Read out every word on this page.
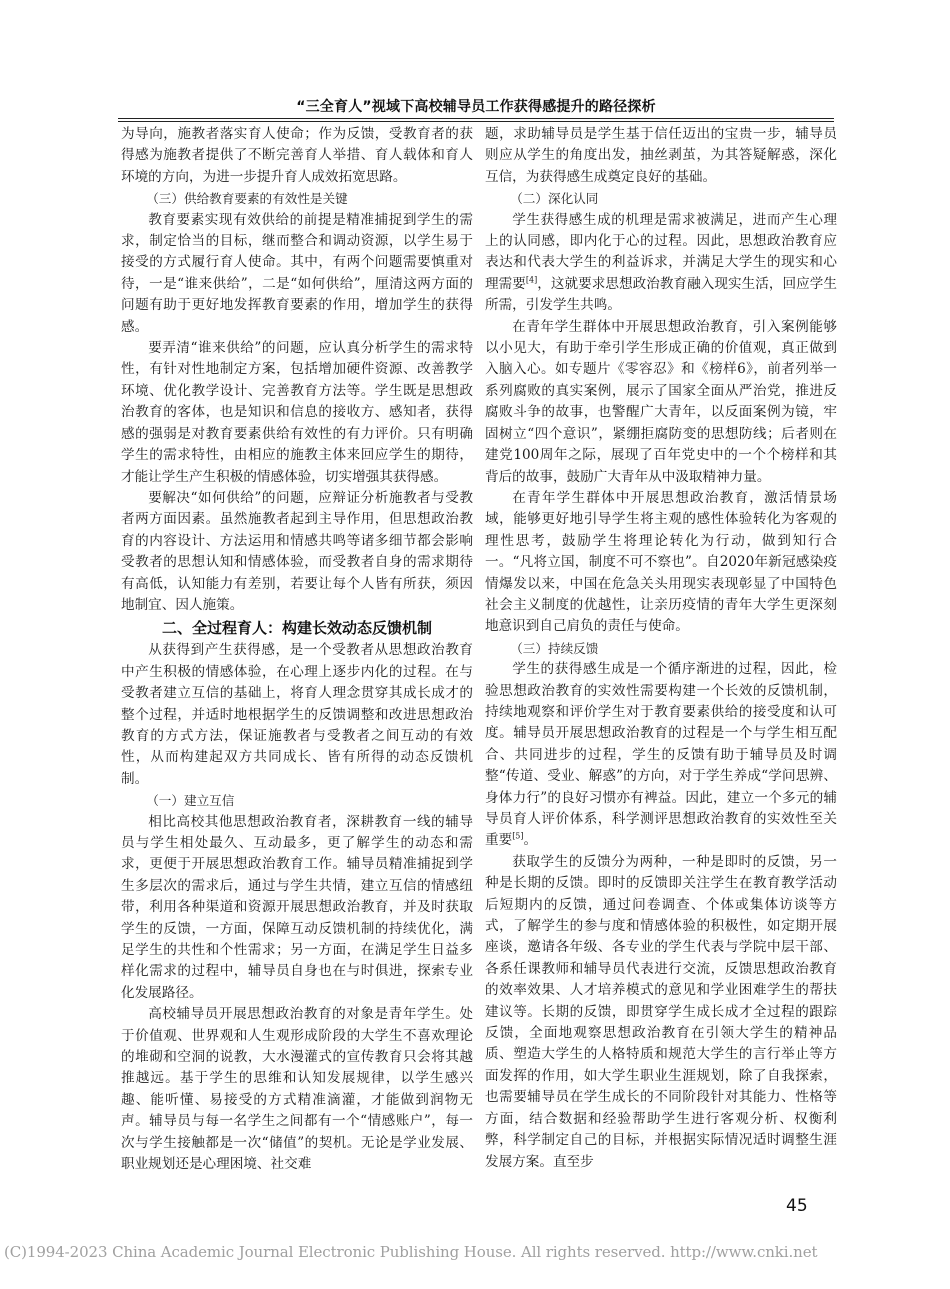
“三全育人”视域下高校辅导员工作获得感提升的路径探析

为导向，施教者落实育人使命；作为反馈，受教育者的获得感为施教者提供了不断完善育人举措、育人载体和育人环境的方向，为进一步提升育人成效拓宽思路。

（三）供给教育要素的有效性是关键

教育要素实现有效供给的前提是精准捕捉到学生的需求，制定恰当的目标，继而整合和调动资源，以学生易于接受的方式履行育人使命。其中，有两个问题需要慎重对待，一是“谁来供给”，二是“如何供给”，厘清这两方面的问题有助于更好地发挥教育要素的作用，增加学生的获得感。

要弄清“谁来供给”的问题，应认真分析学生的需求特性，有针对性地制定方案，包括增加硬件资源、改善教学环境、优化教学设计、完善教育方法等。学生既是思想政治教育的客体，也是知识和信息的接收方、感知者，获得感的强弱是对教育要素供给有效性的有力评价。只有明确学生的需求特性，由相应的施教主体来回应学生的期待，才能让学生产生积极的情感体验，切实增强其获得感。

要解决“如何供给”的问题，应辩证分析施教者与受教者两方面因素。虽然施教者起到主导作用，但思想政治教育的内容设计、方法运用和情感共鸣等诸多细节都会影响受教者的思想认知和情感体验，而受教者自身的需求期待有高低，认知能力有差别，若要让每个人皆有所获，须因地制宜、因人施策。

二、全过程育人：构建长效动态反馈机制

从获得到产生获得感，是一个受教者从思想政治教育中产生积极的情感体验，在心理上逐步内化的过程。在与受教者建立互信的基础上，将育人理念贯穿其成长成才的整个过程，并适时地根据学生的反馈调整和改进思想政治教育的方式方法，保证施教者与受教者之间互动的有效性，从而构建起双方共同成长、皆有所得的动态反馈机制。

（一）建立互信

相比高校其他思想政治教育者，深耕教育一线的辅导员与学生相处最久、互动最多，更了解学生的动态和需求，更便于开展思想政治教育工作。辅导员精准捕捉到学生多层次的需求后，通过与学生共情，建立互信的情感纽带，利用各种渠道和资源开展思想政治教育，并及时获取学生的反馈，一方面，保障互动反馈机制的持续优化，满足学生的共性和个性需求；另一方面，在满足学生日益多样化需求的过程中，辅导员自身也在与时俱进，探索专业化发展路径。

高校辅导员开展思想政治教育的对象是青年学生。处于价值观、世界观和人生观形成阶段的大学生不喜欢理论的堆砌和空洞的说教，大水漫灌式的宣传教育只会将其越推越远。基于学生的思维和认知发展规律，以学生感兴趣、能听懂、易接受的方式精准滴灌，才能做到润物无声。辅导员与每一名学生之间都有一个“情感账户”，每一次与学生接触都是一次“储值”的契机。无论是学业发展、职业规划还是心理困境、社交难

题，求助辅导员是学生基于信任迈出的宝贵一步，辅导员则应从学生的角度出发，抽丝剥茧，为其答疑解惑，深化互信，为获得感生成奠定良好的基础。

（二）深化认同

学生获得感生成的机理是需求被满足，进而产生心理上的认同感，即内化于心的过程。因此，思想政治教育应表达和代表大学生的利益诉求，并满足大学生的现实和心理需要[4]，这就要求思想政治教育融入现实生活，回应学生所需，引发学生共鸣。

在青年学生群体中开展思想政治教育，引入案例能够以小见大，有助于牵引学生形成正确的价值观，真正做到入脑入心。如专题片《零容忍》和《榜样6》，前者列举一系列腐败的真实案例，展示了国家全面从严治党，推进反腐败斗争的故事，也警醒广大青年，以反面案例为镜，牢固树立“四个意识”，紧绷拒腐防变的思想防线；后者则在建党100周年之际，展现了百年党史中的一个个榜样和其背后的故事，鼓励广大青年从中汲取精神力量。

在青年学生群体中开展思想政治教育，激活情景场域，能够更好地引导学生将主观的感性体验转化为客观的理性思考，鼓励学生将理论转化为行动，做到知行合一。“凡将立国，制度不可不察也”。自2020年新冠感染疫情爆发以来，中国在危急关头用现实表现彰显了中国特色社会主义制度的优越性，让亲历疫情的青年大学生更深刻地意识到自己肩负的责任与使命。

（三）持续反馈

学生的获得感生成是一个循序渐进的过程，因此，检验思想政治教育的实效性需要构建一个长效的反馈机制，持续地观察和评价学生对于教育要素供给的接受度和认可度。辅导员开展思想政治教育的过程是一个与学生相互配合、共同进步的过程，学生的反馈有助于辅导员及时调整“传道、受业、解惑”的方向，对于学生养成“学问思辨、身体力行”的良好习惯亦有裨益。因此，建立一个多元的辅导员育人评价体系，科学测评思想政治教育的实效性至关重要[5]。

获取学生的反馈分为两种，一种是即时的反馈，另一种是长期的反馈。即时的反馈即关注学生在教育教学活动后短期内的反馈，通过问卷调查、个体或集体访谈等方式，了解学生的参与度和情感体验的积极性，如定期开展座谈，邀请各年级、各专业的学生代表与学院中层干部、各系任课教师和辅导员代表进行交流，反馈思想政治教育的效率效果、人才培养模式的意见和学业困难学生的帮扶建议等。长期的反馈，即贯穿学生成长成才全过程的跟踪反馈，全面地观察思想政治教育在引领大学生的精神品质、塑造大学生的人格特质和规范大学生的言行举止等方面发挥的作用，如大学生职业生涯规划，除了自我探索，也需要辅导员在学生成长的不同阶段针对其能力、性格等方面，结合数据和经验帮助学生进行客观分析、权衡利弊，科学制定自己的目标，并根据实际情况适时调整生涯发展方案。直至步

45
(C)1994-2023 China Academic Journal Electronic Publishing House. All rights reserved. http://www.cnki.net
